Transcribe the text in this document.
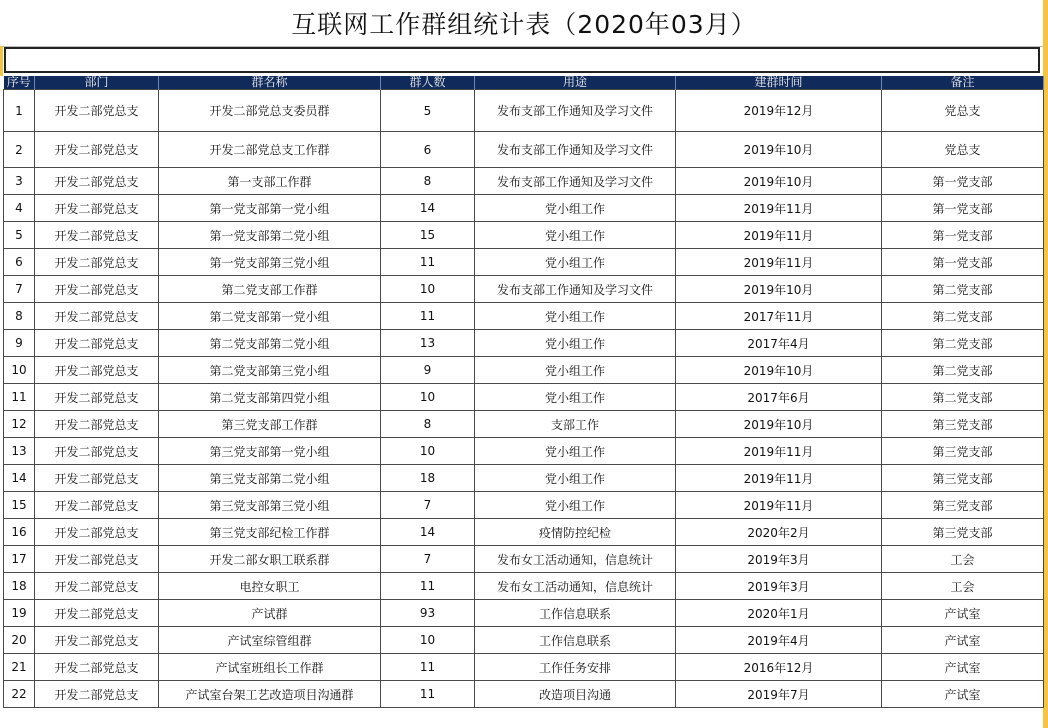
互联网工作群组统计表（2020年03月）
序号	部门	群名称	群人数	用途	建群时间	备注
1	开发二部党总支	开发二部党总支委员群	5	发布支部工作通知及学习文件	2019年12月	党总支
2	开发二部党总支	开发二部党总支工作群	6	发布支部工作通知及学习文件	2019年10月	党总支
3	开发二部党总支	第一支部工作群	8	发布支部工作通知及学习文件	2019年10月	第一党支部
4	开发二部党总支	第一党支部第一党小组	14	党小组工作	2019年11月	第一党支部
5	开发二部党总支	第一党支部第二党小组	15	党小组工作	2019年11月	第一党支部
6	开发二部党总支	第一党支部第三党小组	11	党小组工作	2019年11月	第一党支部
7	开发二部党总支	第二党支部工作群	10	发布支部工作通知及学习文件	2019年10月	第二党支部
8	开发二部党总支	第二党支部第一党小组	11	党小组工作	2017年11月	第二党支部
9	开发二部党总支	第二党支部第二党小组	13	党小组工作	2017年4月	第二党支部
10	开发二部党总支	第二党支部第三党小组	9	党小组工作	2019年10月	第二党支部
11	开发二部党总支	第二党支部第四党小组	10	党小组工作	2017年6月	第二党支部
12	开发二部党总支	第三党支部工作群	8	支部工作	2019年10月	第三党支部
13	开发二部党总支	第三党支部第一党小组	10	党小组工作	2019年11月	第三党支部
14	开发二部党总支	第三党支部第二党小组	18	党小组工作	2019年11月	第三党支部
15	开发二部党总支	第三党支部第三党小组	7	党小组工作	2019年11月	第三党支部
16	开发二部党总支	第三党支部纪检工作群	14	疫情防控纪检	2020年2月	第三党支部
17	开发二部党总支	开发二部女职工联系群	7	发布女工活动通知，信息统计	2019年3月	工会
18	开发二部党总支	电控女职工	11	发布女工活动通知，信息统计	2019年3月	工会
19	开发二部党总支	产试群	93	工作信息联系	2020年1月	产试室
20	开发二部党总支	产试室综管组群	10	工作信息联系	2019年4月	产试室
21	开发二部党总支	产试室班组长工作群	11	工作任务安排	2016年12月	产试室
22	开发二部党总支	产试室台架工艺改造项目沟通群	11	改造项目沟通	2019年7月	产试室
